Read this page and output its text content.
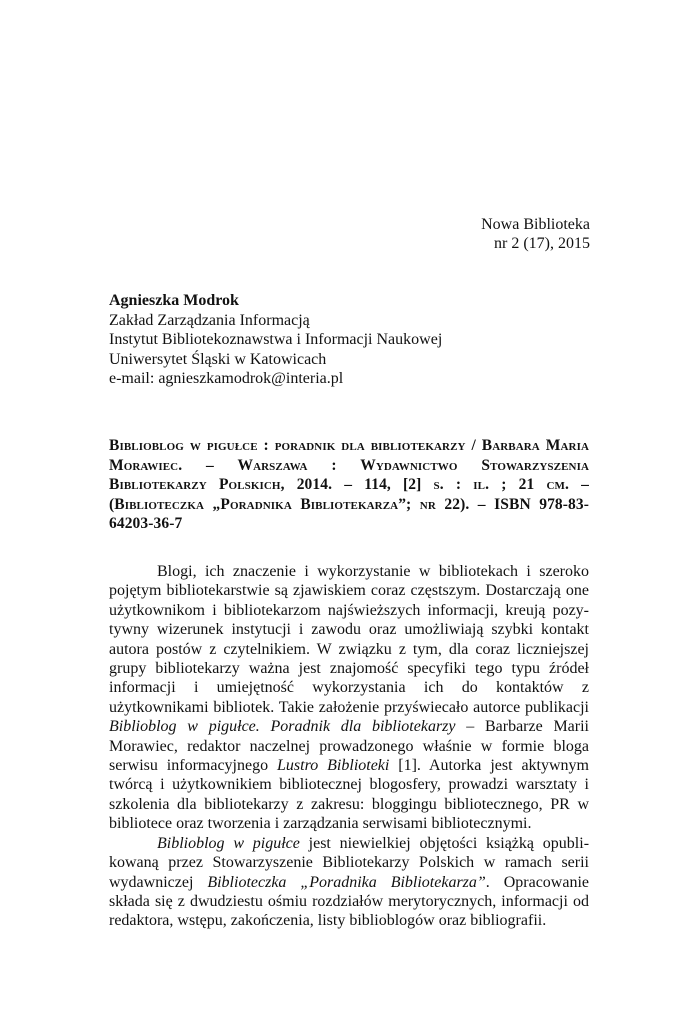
Nowa Biblioteka
nr 2 (17), 2015
Agnieszka Modrok
Zakład Zarządzania Informacją
Instytut Bibliotekoznawstwa i Informacji Naukowej
Uniwersytet Śląski w Katowicach
e-mail: agnieszkamodrok@interia.pl
Biblioblog w pigułce : poradnik dla bibliotekarzy / Barbara Maria Morawiec. – Warszawa : Wydawnictwo Stowarzyszenia Bibliotekarzy Polskich, 2014. – 114, [2] s. : il. ; 21 cm. – (Biblioteczka „Poradnika Bibliotekarza”; nr 22). – ISBN 978-83-64203-36-7

Blogi, ich znaczenie i wykorzystanie w bibliotekach i szeroko pojętym bibliotekarstwie są zjawiskiem coraz częstszym. Dostarczają one użytkownikom i bibliotekarzom najświeższych informacji, kreują pozytywny wizerunek instytucji i zawodu oraz umożliwiają szybki kontakt autora postów z czytelnikiem. W związku z tym, dla coraz liczniejszej grupy bibliotekarzy ważna jest znajomość specyfiki tego typu źródeł informacji i umiejętność wykorzystania ich do kontaktów z użytkownikami bibliotek. Takie założenie przyświecało autorce publikacji Biblioblog w pigułce. Poradnik dla bibliotekarzy – Barbarze Marii Morawiec, redaktor naczelnej prowadzonego właśnie w formie bloga serwisu informacyjnego Lustro Biblioteki [1]. Autorka jest aktywnym twórcą i użytkownikiem bibliotecznej blogosfery, prowadzi warsztaty i szkolenia dla bibliotekarzy z zakresu: bloggingu bibliotecznego, PR w bibliotece oraz tworzenia i zarządzania serwisami bibliotecznymi.

Biblioblog w pigułce jest niewielkiej objętości książką opublikowaną przez Stowarzyszenie Bibliotekarzy Polskich w ramach serii wydawniczej Biblioteczka „Poradnika Bibliotekarza”. Opracowanie składa się z dwudziestu ośmiu rozdziałów merytorycznych, informacji od redaktora, wstępu, zakończenia, listy biblioblogów oraz bibliografii.
